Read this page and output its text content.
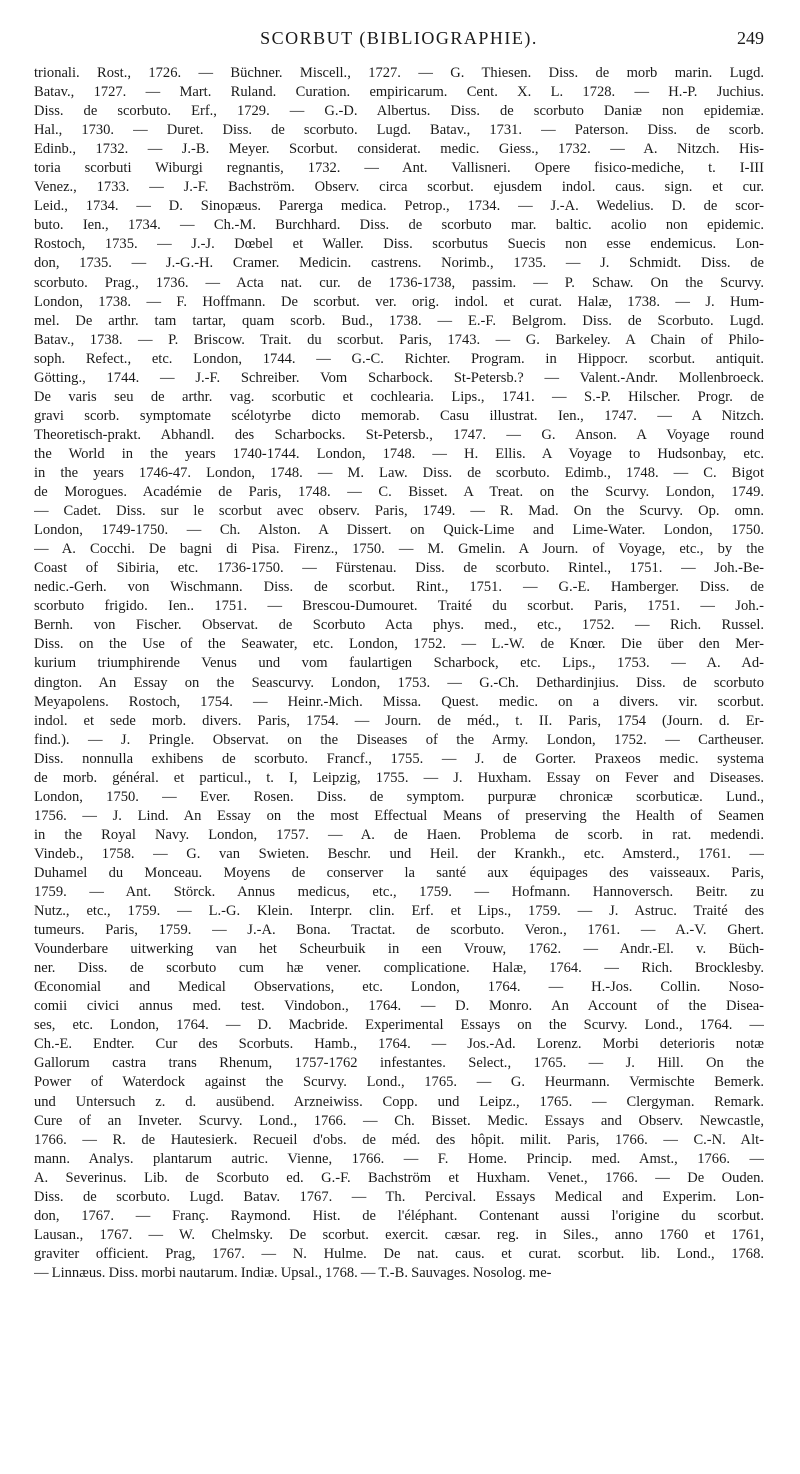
SCORBUT (BIBLIOGRAPHIE).	249
trionali. Rost., 1726. — Büchner. Miscell., 1727. — G. Thiesen. Diss. de morb marin. Lugd.
Batav., 1727. — Mart. Ruland. Curation. empiricarum. Cent. X. L. 1728. — H.-P. Juchius.
Diss. de scorbuto. Erf., 1729. — G.-D. Albertus. Diss. de scorbuto Daniæ non epidemiæ.
Hal., 1730. — Duret. Diss. de scorbuto. Lugd. Batav., 1731. — Paterson. Diss. de scorb.
Edinb., 1732. — J.-B. Meyer. Scorbut. considerat. medic. Giess., 1732. — A. Nitzch. His-
toria scorbuti Wiburgi regnantis, 1732. — Ant. Vallisneri. Opere fisico-mediche, t. I-III
Venez., 1733. — J.-F. Bachström. Observ. circa scorbut. ejusdem indol. caus. sign. et cur.
Leid., 1734. — D. Sinopæus. Parerga medica. Petrop., 1734. — J.-A. Wedelius. D. de scor-
buto. Ien., 1734. — Ch.-M. Burchhard. Diss. de scorbuto mar. baltic. acolio non epidemic.
Rostoch, 1735. — J.-J. Dœbel et Waller. Diss. scorbutus Suecis non esse endemicus. Lon-
don, 1735. — J.-G.-H. Cramer. Medicin. castrens. Norimb., 1735. — J. Schmidt. Diss. de
scorbuto. Prag., 1736. — Acta nat. cur. de 1736-1738, passim. — P. Schaw. On the Scurvy.
London, 1738. — F. Hoffmann. De scorbut. ver. orig. indol. et curat. Halæ, 1738. — J. Hum-
mel. De arthr. tam tartar, quam scorb. Bud., 1738. — E.-F. Belgrom. Diss. de Scorbuto. Lugd.
Batav., 1738. — P. Briscow. Trait. du scorbut. Paris, 1743. — G. Barkeley. A Chain of Philo-
soph. Refect., etc. London, 1744. — G.-C. Richter. Program. in Hippocr. scorbut. antiquit.
Götting., 1744. — J.-F. Schreiber. Vom Scharbock. St-Petersb.? — Valent.-Andr. Mollenbroeck.
De varis seu de arthr. vag. scorbutic et cochlearia. Lips., 1741. — S.-P. Hilscher. Progr. de
gravi scorb. symptomate scélotyrbe dicto memorab. Casu illustrat. Ien., 1747. — A Nitzch.
Theoretisch-prakt. Abhandl. des Scharbocks. St-Petersb., 1747. — G. Anson. A Voyage round
the World in the years 1740-1744. London, 1748. — H. Ellis. A Voyage to Hudsonbay, etc.
in the years 1746-47. London, 1748. — M. Law. Diss. de scorbuto. Edimb., 1748. — C. Bigot
de Morogues. Académie de Paris, 1748. — C. Bisset. A Treat. on the Scurvy. London, 1749.
— Cadet. Diss. sur le scorbut avec observ. Paris, 1749. — R. Mad. On the Scurvy. Op. omn.
London, 1749-1750. — Ch. Alston. A Dissert. on Quick-Lime and Lime-Water. London, 1750.
— A. Cocchi. De bagni di Pisa. Firenz., 1750. — M. Gmelin. A Journ. of Voyage, etc., by the
Coast of Sibiria, etc. 1736-1750. — Fürstenau. Diss. de scorbuto. Rintel., 1751. — Joh.-Be-
nedic.-Gerh. von Wischmann. Diss. de scorbut. Rint., 1751. — G.-E. Hamberger. Diss. de
scorbuto frigido. Ien.. 1751. — Brescou-Dumouret. Traité du scorbut. Paris, 1751. — Joh.-
Bernh. von Fischer. Observat. de Scorbuto Acta phys. med., etc., 1752. — Rich. Russel.
Diss. on the Use of the Seawater, etc. London, 1752. — L.-W. de Knœr. Die über den Mer-
kurium triumphirende Venus und vom faulartigen Scharbock, etc. Lips., 1753. — A. Ad-
dington. An Essay on the Seascurvy. London, 1753. — G.-Ch. Dethardinjius. Diss. de scorbuto
Meyapolens. Rostoch, 1754. — Heinr.-Mich. Missa. Quest. medic. on a divers. vir. scorbut.
indol. et sede morb. divers. Paris, 1754. — Journ. de méd., t. II. Paris, 1754 (Journ. d. Er-
find.). — J. Pringle. Observat. on the Diseases of the Army. London, 1752. — Cartheuser.
Diss. nonnulla exhibens de scorbuto. Francf., 1755. — J. de Gorter. Praxeos medic. systema
de morb. général. et particul., t. I, Leipzig, 1755. — J. Huxham. Essay on Fever and Diseases.
London, 1750. — Ever. Rosen. Diss. de symptom. purpuræ chronicæ scorbuticæ. Lund.,
1756. — J. Lind. An Essay on the most Effectual Means of preserving the Health of Seamen
in the Royal Navy. London, 1757. — A. de Haen. Problema de scorb. in rat. medendi.
Vindeb., 1758. — G. van Swieten. Beschr. und Heil. der Krankh., etc. Amsterd., 1761. —
Duhamel du Monceau. Moyens de conserver la santé aux équipages des vaisseaux. Paris,
1759. — Ant. Störck. Annus medicus, etc., 1759. — Hofmann. Hannoversch. Beitr. zu
Nutz., etc., 1759. — L.-G. Klein. Interpr. clin. Erf. et Lips., 1759. — J. Astruc. Traité des
tumeurs. Paris, 1759. — J.-A. Bona. Tractat. de scorbuto. Veron., 1761. — A.-V. Ghert.
Vounderbare uitwerking van het Scheurbuik in een Vrouw, 1762. — Andr.-El. v. Büch-
ner. Diss. de scorbuto cum hæ vener. complicatione. Halæ, 1764. — Rich. Brocklesby.
Œconomial and Medical Observations, etc. London, 1764. — H.-Jos. Collin. Noso-
comii civici annus med. test. Vindobon., 1764. — D. Monro. An Account of the Disea-
ses, etc. London, 1764. — D. Macbride. Experimental Essays on the Scurvy. Lond., 1764. —
Ch.-E. Endter. Cur des Scorbuts. Hamb., 1764. — Jos.-Ad. Lorenz. Morbi deterioris notæ
Gallorum castra trans Rhenum, 1757-1762 infestantes. Select., 1765. — J. Hill. On the
Power of Waterdock against the Scurvy. Lond., 1765. — G. Heurmann. Vermischte Bemerk.
und Untersuch z. d. ausübend. Arzneiwiss. Copp. und Leipz., 1765. — Clergyman. Remark.
Cure of an Inveter. Scurvy. Lond., 1766. — Ch. Bisset. Medic. Essays and Observ. Newcastle,
1766. — R. de Hautesierk. Recueil d'obs. de méd. des hôpit. milit. Paris, 1766. — C.-N. Alt-
mann. Analys. plantarum autric. Vienne, 1766. — F. Home. Princip. med. Amst., 1766. —
A. Severinus. Lib. de Scorbuto ed. G.-F. Bachström et Huxham. Venet., 1766. — De Ouden.
Diss. de scorbuto. Lugd. Batav. 1767. — Th. Percival. Essays Medical and Experim. Lon-
don, 1767. — Franç. Raymond. Hist. de l'éléphant. Contenant aussi l'origine du scorbut.
Lausan., 1767. — W. Chelmsky. De scorbut. exercit. cæsar. reg. in Siles., anno 1760 et 1761,
graviter officient. Prag, 1767. — N. Hulme. De nat. caus. et curat. scorbut. lib. Lond., 1768.
— Linnæus. Diss. morbi nautarum. Indiæ. Upsal., 1768. — T.-B. Sauvages. Nosolog. me-
